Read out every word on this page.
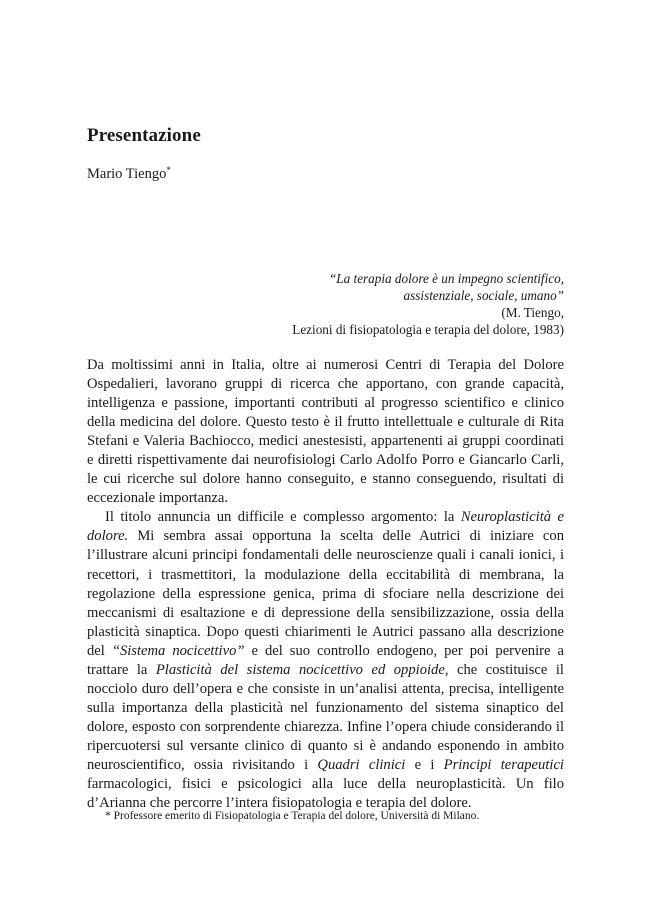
Presentazione
Mario Tiengo*
“La terapia dolore è un impegno scientifico,
assistenziale, sociale, umano”
(M. Tiengo,
Lezioni di fisiopatologia e terapia del dolore, 1983)

Da moltissimi anni in Italia, oltre ai numerosi Centri di Terapia del Dolore Ospedalieri, lavorano gruppi di ricerca che apportano, con grande capacità, intelligenza e passione, importanti contributi al progresso scientifico e clinico della medicina del dolore. Questo testo è il frutto intellettuale e culturale di Rita Stefani e Valeria Bachiocco, medici anestesisti, appartenenti ai gruppi coordinati e diretti rispettivamente dai neurofisiologi Carlo Adolfo Porro e Giancarlo Carli, le cui ricerche sul dolore hanno conseguito, e stanno conseguendo, risultati di eccezionale importanza.

Il titolo annuncia un difficile e complesso argomento: la Neuroplasticità e dolore. Mi sembra assai opportuna la scelta delle Autrici di iniziare con l’illustrare alcuni principi fondamentali delle neuroscienze quali i canali ionici, i recettori, i trasmettitori, la modulazione della eccitabilità di membrana, la regolazione della espressione genica, prima di sfociare nella descrizione dei meccanismi di esaltazione e di depressione della sensibilizzazione, ossia della plasticità sinaptica. Dopo questi chiarimenti le Autrici passano alla descrizione del “Sistema nocicettivo” e del suo controllo endogeno, per poi pervenire a trattare la Plasticità del sistema nocicettivo ed oppioide, che costituisce il nocciolo duro dell’opera e che consiste in un’analisi attenta, precisa, intelligente sulla importanza della plasticità nel funzionamento del sistema sinaptico del dolore, esposto con sorprendente chiarezza. Infine l’opera chiude considerando il ripercuotersi sul versante clinico di quanto si è andando esponendo in ambito neuroscientifico, ossia rivisitando i Quadri clinici e i Principi terapeutici farmacologici, fisici e psicologici alla luce della neuroplasticità. Un filo d’Arianna che percorre l’intera fisiopatologia e terapia del dolore.

* Professore emerito di Fisiopatologia e Terapia del dolore, Università di Milano.
